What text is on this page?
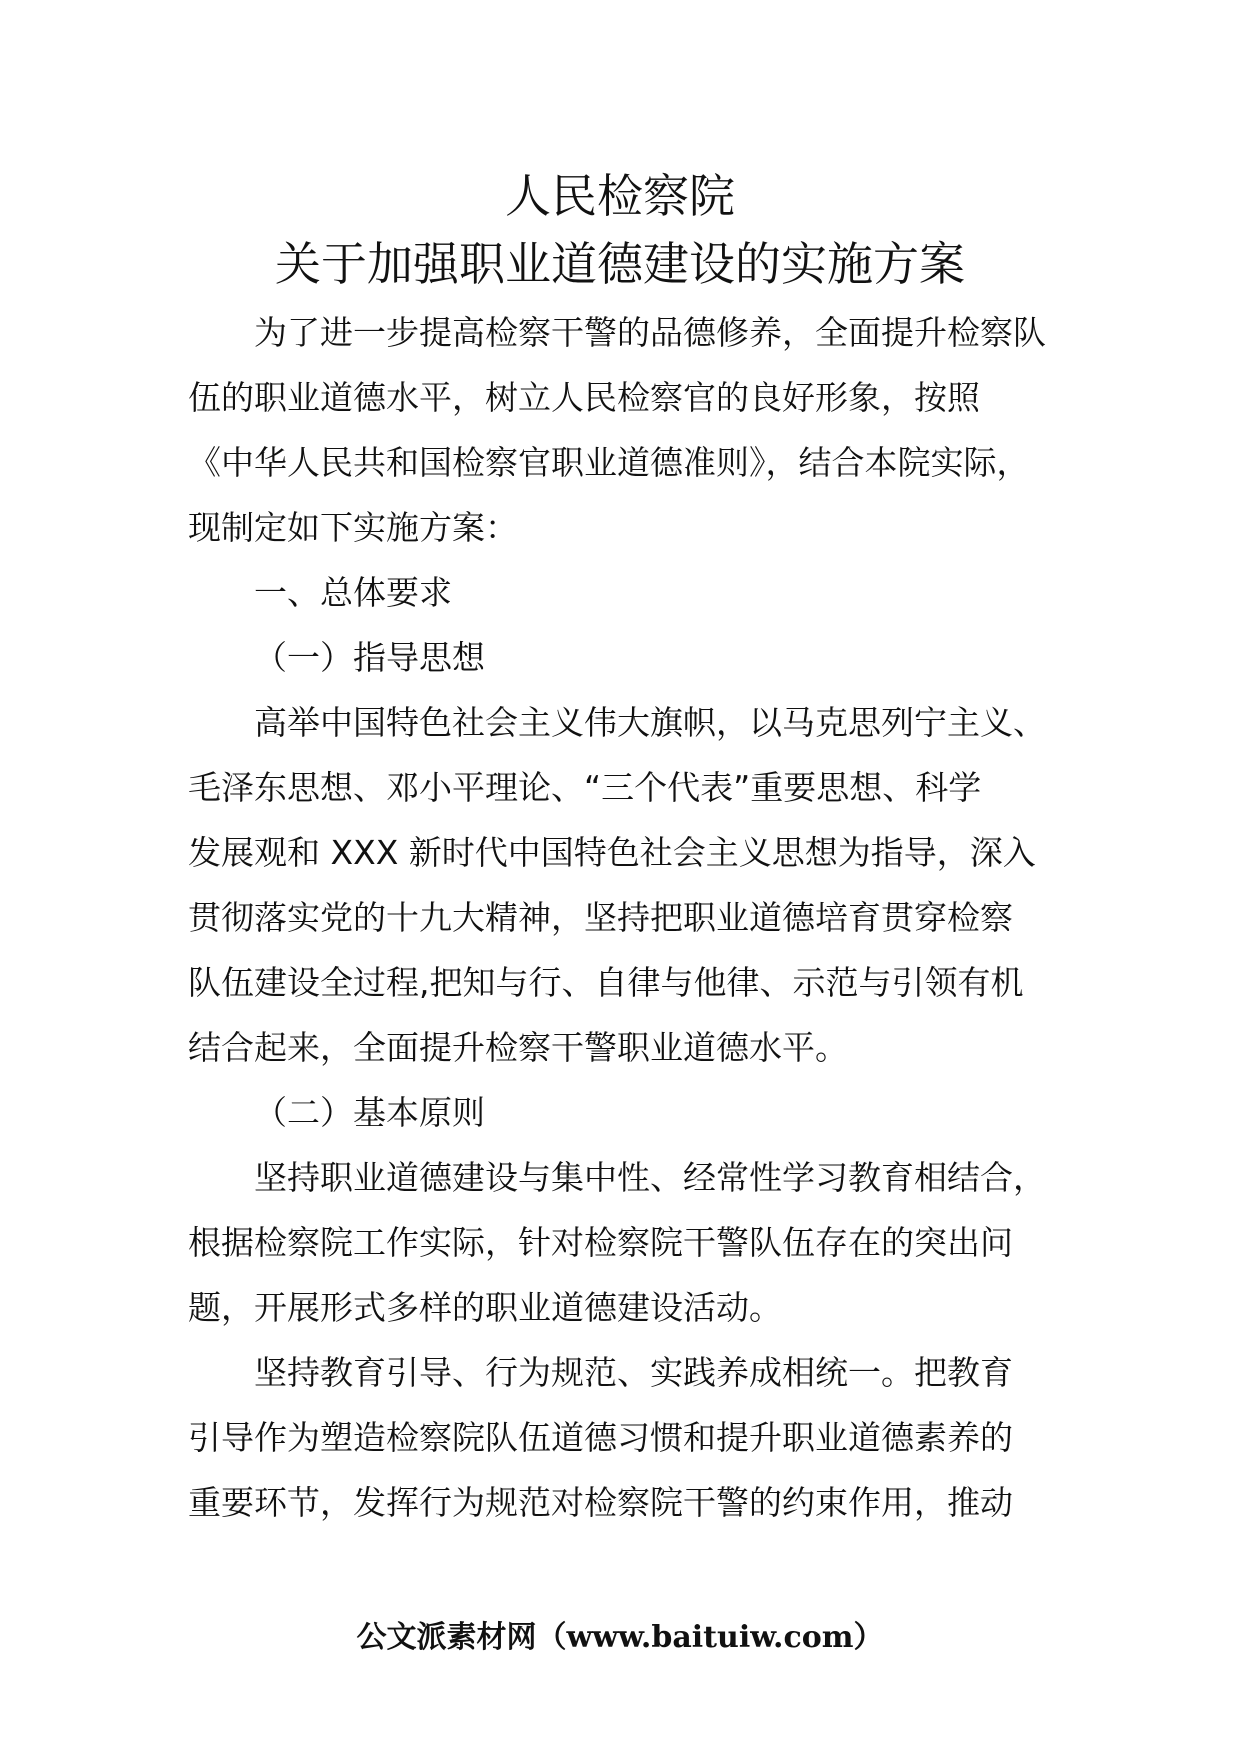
人民检察院
关于加强职业道德建设的实施方案

为了进一步提高检察干警的品德修养，全面提升检察队

伍的职业道德水平，树立人民检察官的良好形象，按照

《中华人民共和国检察官职业道德准则》，结合本院实际，

现制定如下实施方案：

一、总体要求

（一）指导思想

高举中国特色社会主义伟大旗帜，以马克思列宁主义、

毛泽东思想、邓小平理论、“三个代表”重要思想、科学

发展观和 XXX 新时代中国特色社会主义思想为指导，深入

贯彻落实党的十九大精神，坚持把职业道德培育贯穿检察

队伍建设全过程,把知与行、自律与他律、示范与引领有机

结合起来，全面提升检察干警职业道德水平。

（二）基本原则

坚持职业道德建设与集中性、经常性学习教育相结合，

根据检察院工作实际，针对检察院干警队伍存在的突出问

题，开展形式多样的职业道德建设活动。

坚持教育引导、行为规范、实践养成相统一。把教育

引导作为塑造检察院队伍道德习惯和提升职业道德素养的

重要环节，发挥行为规范对检察院干警的约束作用，推动

公文派素材网（www.baituiw.com）
